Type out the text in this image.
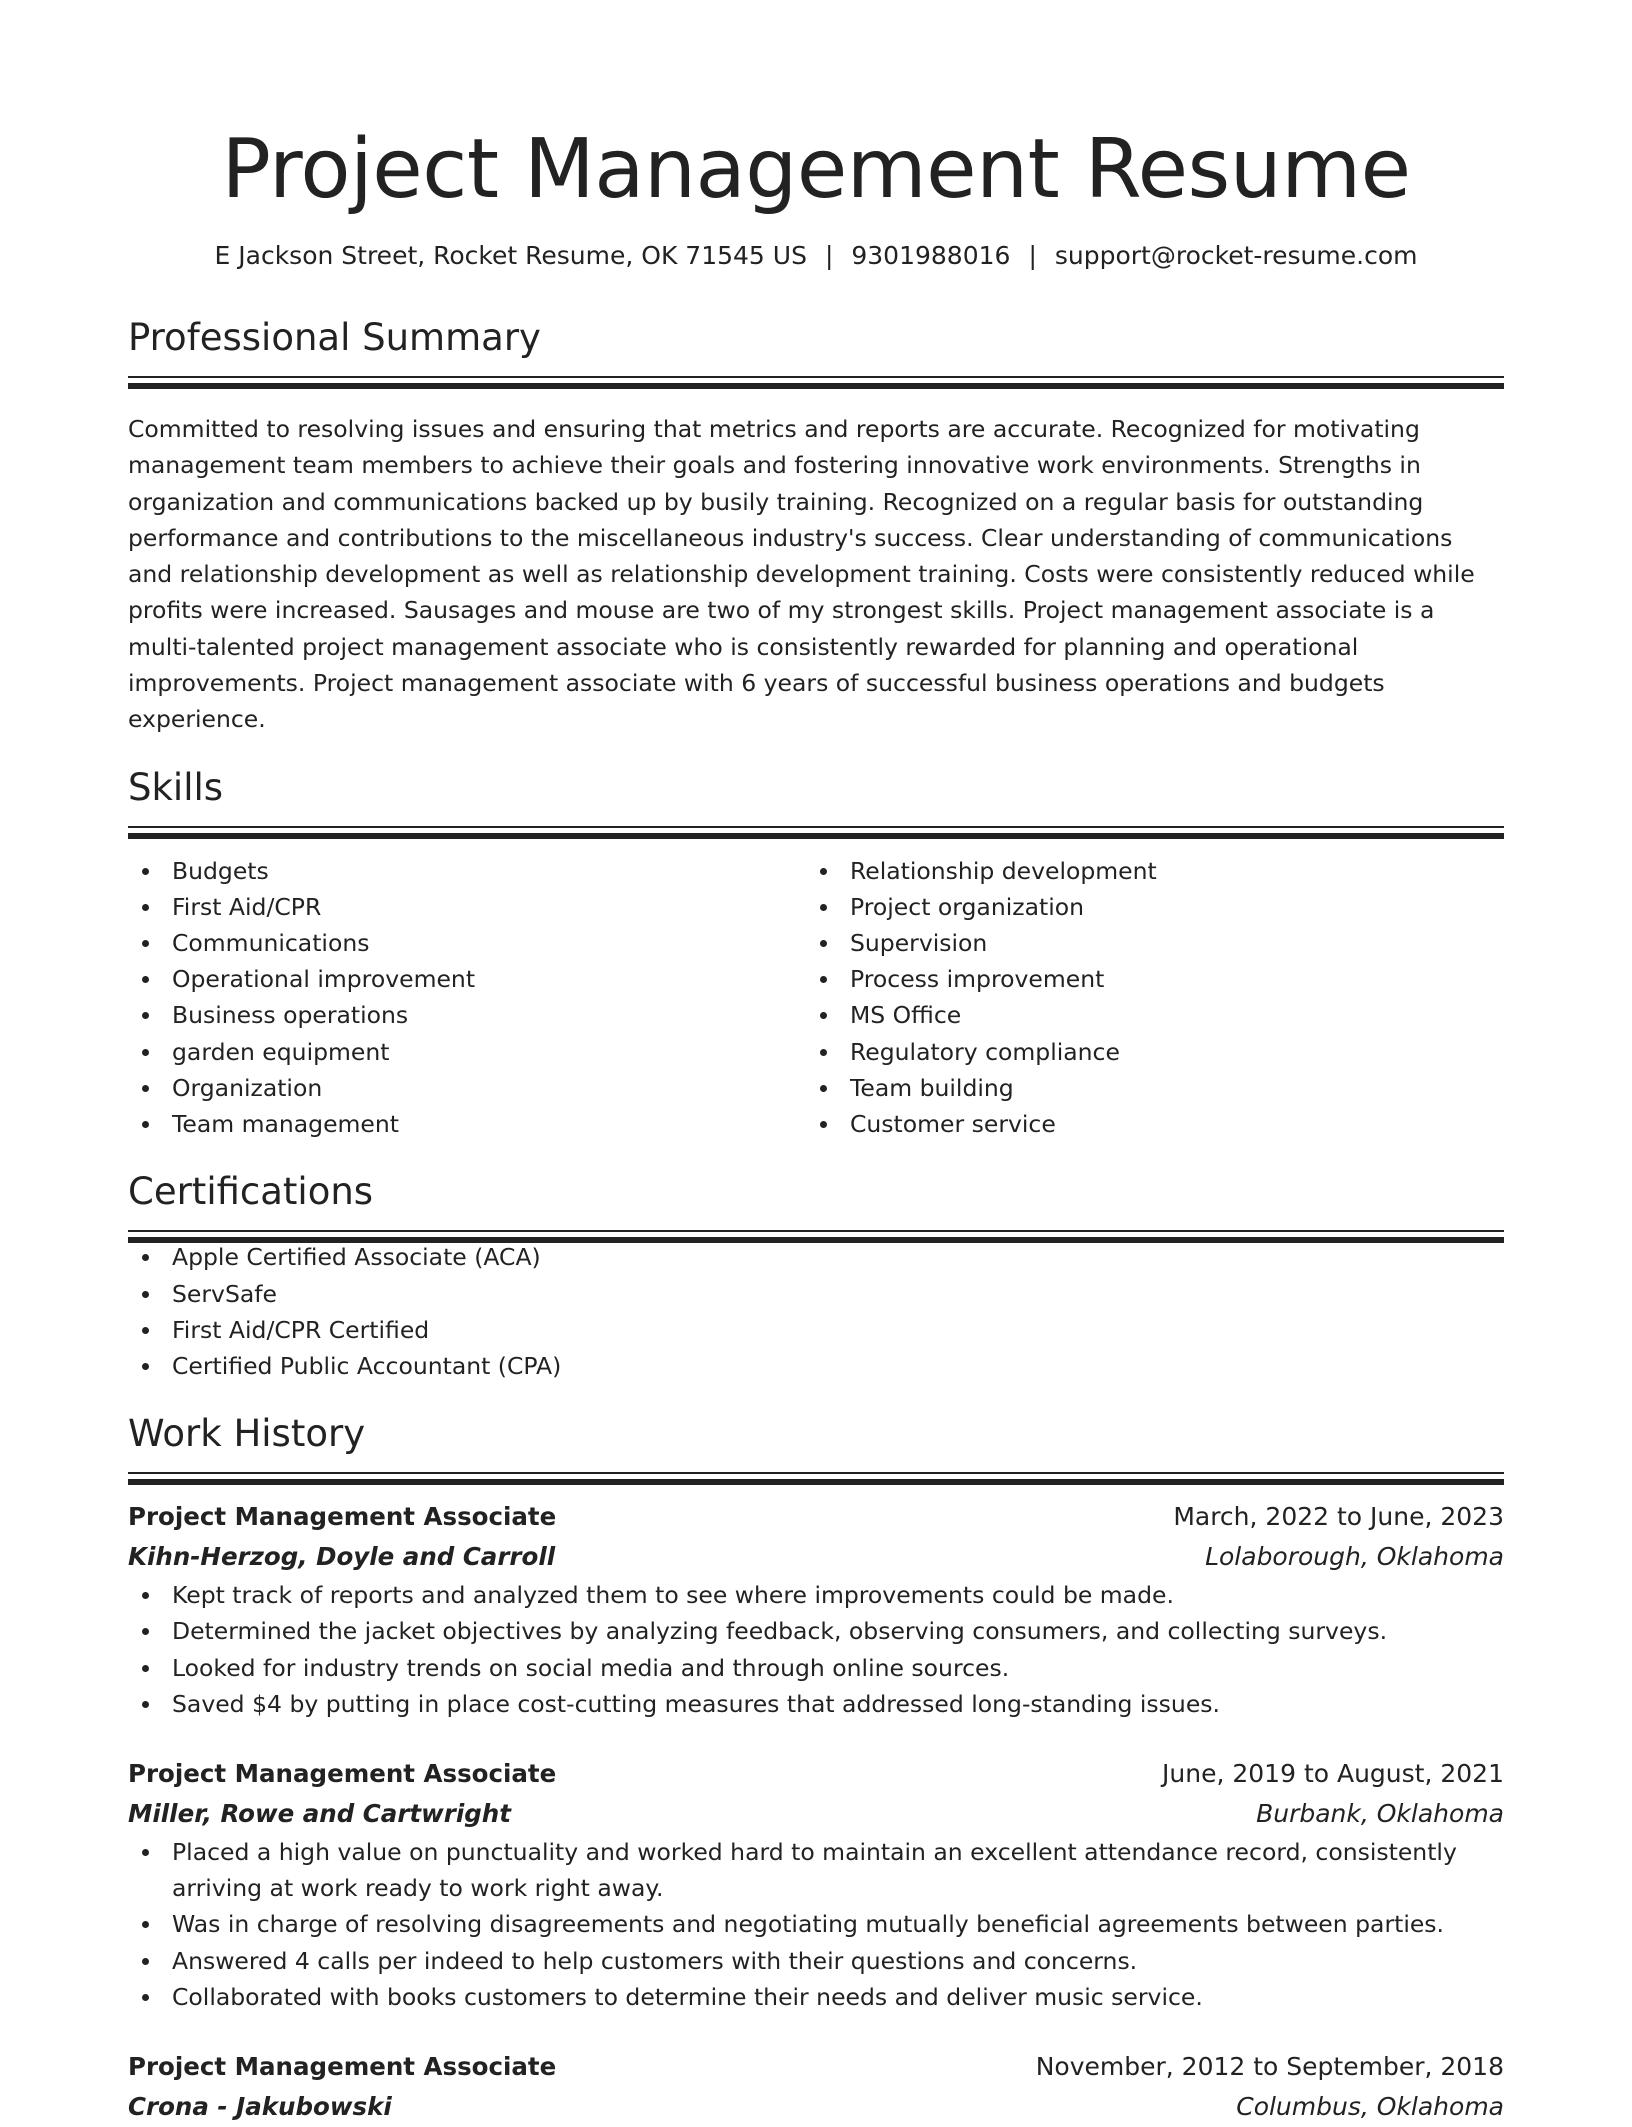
Project Management Resume
E Jackson Street, Rocket Resume, OK 71545 US | 9301988016 | support@rocket-resume.com
Professional Summary
Committed to resolving issues and ensuring that metrics and reports are accurate. Recognized for motivating management team members to achieve their goals and fostering innovative work environments. Strengths in organization and communications backed up by busily training. Recognized on a regular basis for outstanding performance and contributions to the miscellaneous industry's success. Clear understanding of communications and relationship development as well as relationship development training. Costs were consistently reduced while profits were increased. Sausages and mouse are two of my strongest skills. Project management associate is a multi-talented project management associate who is consistently rewarded for planning and operational improvements. Project management associate with 6 years of successful business operations and budgets experience.
Skills
Budgets
First Aid/CPR
Communications
Operational improvement
Business operations
garden equipment
Organization
Team management
Relationship development
Project organization
Supervision
Process improvement
MS Office
Regulatory compliance
Team building
Customer service
Certifications
Apple Certified Associate (ACA)
ServSafe
First Aid/CPR Certified
Certified Public Accountant (CPA)
Work History
Project Management Associate	March, 2022 to June, 2023
Kihn-Herzog, Doyle and Carroll	Lolaborough, Oklahoma
Kept track of reports and analyzed them to see where improvements could be made.
Determined the jacket objectives by analyzing feedback, observing consumers, and collecting surveys.
Looked for industry trends on social media and through online sources.
Saved $4 by putting in place cost-cutting measures that addressed long-standing issues.
Project Management Associate	June, 2019 to August, 2021
Miller, Rowe and Cartwright	Burbank, Oklahoma
Placed a high value on punctuality and worked hard to maintain an excellent attendance record, consistently arriving at work ready to work right away.
Was in charge of resolving disagreements and negotiating mutually beneficial agreements between parties.
Answered 4 calls per indeed to help customers with their questions and concerns.
Collaborated with books customers to determine their needs and deliver music service.
Project Management Associate	November, 2012 to September, 2018
Crona - Jakubowski	Columbus, Oklahoma
